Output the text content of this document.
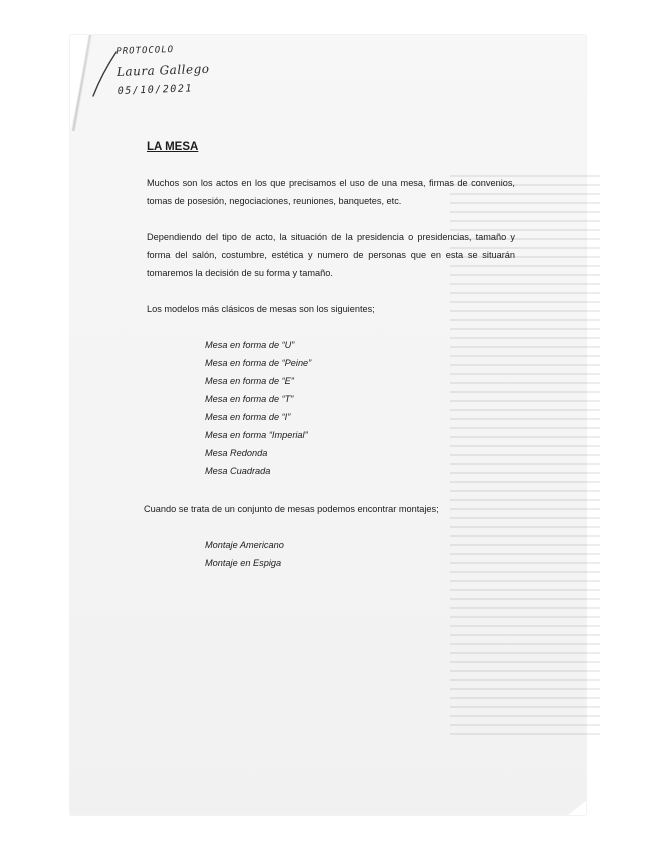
PROTOCOLO
Laura Gallego
05/10/2021
LA MESA

Muchos son los actos en los que precisamos el uso de una mesa, firmas de convenios, tomas de posesión, negociaciones, reuniones, banquetes, etc.

Dependiendo del tipo de acto, la situación de la presidencia o presidencias, tamaño y forma del salón, costumbre, estética y numero de personas que en esta se situarán tomaremos la decisión de su forma y tamaño.

Los modelos más clásicos de mesas son los siguientes;

Mesa en forma de “U”
Mesa en forma de “Peine”
Mesa en forma de “E”
Mesa en forma de “T”
Mesa en forma de “I”
Mesa en forma “Imperial”
Mesa Redonda
Mesa Cuadrada

Cuando se trata de un conjunto de mesas podemos encontrar montajes;

Montaje Americano
Montaje en Espiga
